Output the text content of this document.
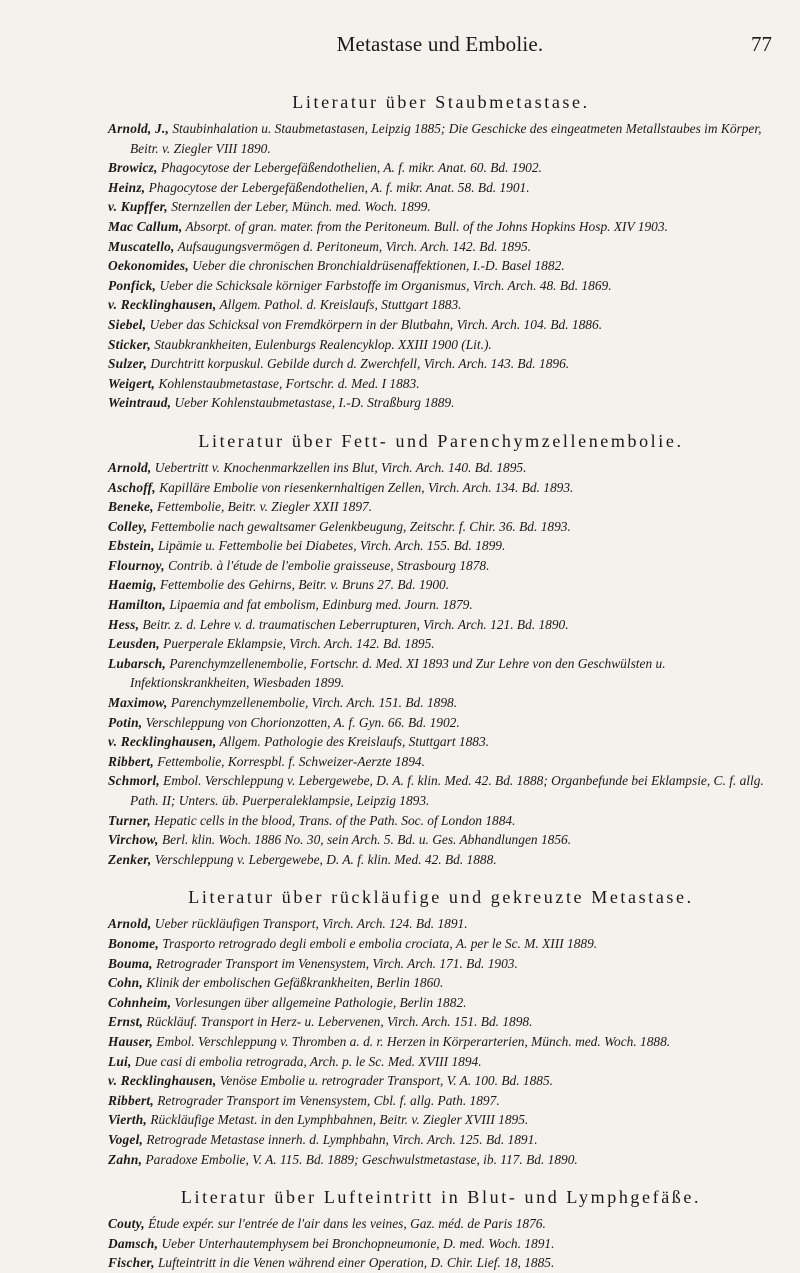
Metastase und Embolie.	77
Literatur über Staubmetastase.

Arnold, J., Staubinhalation u. Staubmetastasen, Leipzig 1885; Die Geschicke des eingeatmeten Metallstaubes im Körper, Beitr. v. Ziegler VIII 1890.

Browicz, Phagocytose der Lebergefäßendothelien, A. f. mikr. Anat. 60. Bd. 1902.

Heinz, Phagocytose der Lebergefäßendothelien, A. f. mikr. Anat. 58. Bd. 1901.

v. Kupffer, Sternzellen der Leber, Münch. med. Woch. 1899.

Mac Callum, Absorpt. of gran. mater. from the Peritoneum. Bull. of the Johns Hopkins Hosp. XIV 1903.

Muscatello, Aufsaugungsvermögen d. Peritoneum, Virch. Arch. 142. Bd. 1895.

Oekonomides, Ueber die chronischen Bronchialdrüsenaffektionen, I.-D. Basel 1882.

Ponfick, Ueber die Schicksale körniger Farbstoffe im Organismus, Virch. Arch. 48. Bd. 1869.

v. Recklinghausen, Allgem. Pathol. d. Kreislaufs, Stuttgart 1883.

Siebel, Ueber das Schicksal von Fremdkörpern in der Blutbahn, Virch. Arch. 104. Bd. 1886.

Sticker, Staubkrankheiten, Eulenburgs Realencyklop. XXIII 1900 (Lit.).

Sulzer, Durchtritt korpuskul. Gebilde durch d. Zwerchfell, Virch. Arch. 143. Bd. 1896.

Weigert, Kohlenstaubmetastase, Fortschr. d. Med. I 1883.

Weintraud, Ueber Kohlenstaubmetastase, I.-D. Straßburg 1889.

Literatur über Fett- und Parenchymzellenembolie.

Arnold, Uebertritt v. Knochenmarkzellen ins Blut, Virch. Arch. 140. Bd. 1895.

Aschoff, Kapilläre Embolie von riesenkernhaltigen Zellen, Virch. Arch. 134. Bd. 1893.

Beneke, Fettembolie, Beitr. v. Ziegler XXII 1897.

Colley, Fettembolie nach gewaltsamer Gelenkbeugung, Zeitschr. f. Chir. 36. Bd. 1893.

Ebstein, Lipämie u. Fettembolie bei Diabetes, Virch. Arch. 155. Bd. 1899.

Flournoy, Contrib. à l'étude de l'embolie graisseuse, Strasbourg 1878.

Haemig, Fettembolie des Gehirns, Beitr. v. Bruns 27. Bd. 1900.

Hamilton, Lipaemia and fat embolism, Edinburg med. Journ. 1879.

Hess, Beitr. z. d. Lehre v. d. traumatischen Leberrupturen, Virch. Arch. 121. Bd. 1890.

Leusden, Puerperale Eklampsie, Virch. Arch. 142. Bd. 1895.

Lubarsch, Parenchymzellenembolie, Fortschr. d. Med. XI 1893 und Zur Lehre von den Geschwülsten u. Infektionskrankheiten, Wiesbaden 1899.

Maximow, Parenchymzellenembolie, Virch. Arch. 151. Bd. 1898.

Potin, Verschleppung von Chorionzotten, A. f. Gyn. 66. Bd. 1902.

v. Recklinghausen, Allgem. Pathologie des Kreislaufs, Stuttgart 1883.

Ribbert, Fettembolie, Korrespbl. f. Schweizer-Aerzte 1894.

Schmorl, Embol. Verschleppung v. Lebergewebe, D. A. f. klin. Med. 42. Bd. 1888; Organbefunde bei Eklampsie, C. f. allg. Path. II; Unters. üb. Puerperaleklampsie, Leipzig 1893.

Turner, Hepatic cells in the blood, Trans. of the Path. Soc. of London 1884.

Virchow, Berl. klin. Woch. 1886 No. 30, sein Arch. 5. Bd. u. Ges. Abhandlungen 1856.

Zenker, Verschleppung v. Lebergewebe, D. A. f. klin. Med. 42. Bd. 1888.

Literatur über rückläufige und gekreuzte Metastase.

Arnold, Ueber rückläufigen Transport, Virch. Arch. 124. Bd. 1891.

Bonome, Trasporto retrogrado degli emboli e embolia crociata, A. per le Sc. M. XIII 1889.

Bouma, Retrograder Transport im Venensystem, Virch. Arch. 171. Bd. 1903.

Cohn, Klinik der embolischen Gefäßkrankheiten, Berlin 1860.

Cohnheim, Vorlesungen über allgemeine Pathologie, Berlin 1882.

Ernst, Rückläuf. Transport in Herz- u. Lebervenen, Virch. Arch. 151. Bd. 1898.

Hauser, Embol. Verschleppung v. Thromben a. d. r. Herzen in Körperarterien, Münch. med. Woch. 1888.

Lui, Due casi di embolia retrograda, Arch. p. le Sc. Med. XVIII 1894.

v. Recklinghausen, Venöse Embolie u. retrograder Transport, V. A. 100. Bd. 1885.

Ribbert, Retrograder Transport im Venensystem, Cbl. f. allg. Path. 1897.

Vierth, Rückläufige Metast. in den Lymphbahnen, Beitr. v. Ziegler XVIII 1895.

Vogel, Retrograde Metastase innerh. d. Lymphbahn, Virch. Arch. 125. Bd. 1891.

Zahn, Paradoxe Embolie, V. A. 115. Bd. 1889; Geschwulstmetastase, ib. 117. Bd. 1890.

Literatur über Lufteintritt in Blut- und Lymphgefäße.

Couty, Étude expér. sur l'entrée de l'air dans les veines, Gaz. méd. de Paris 1876.

Damsch, Ueber Unterhautemphysem bei Bronchopneumonie, D. med. Woch. 1891.

Fischer, Lufteintritt in die Venen während einer Operation, D. Chir. Lief. 18, 1885.
